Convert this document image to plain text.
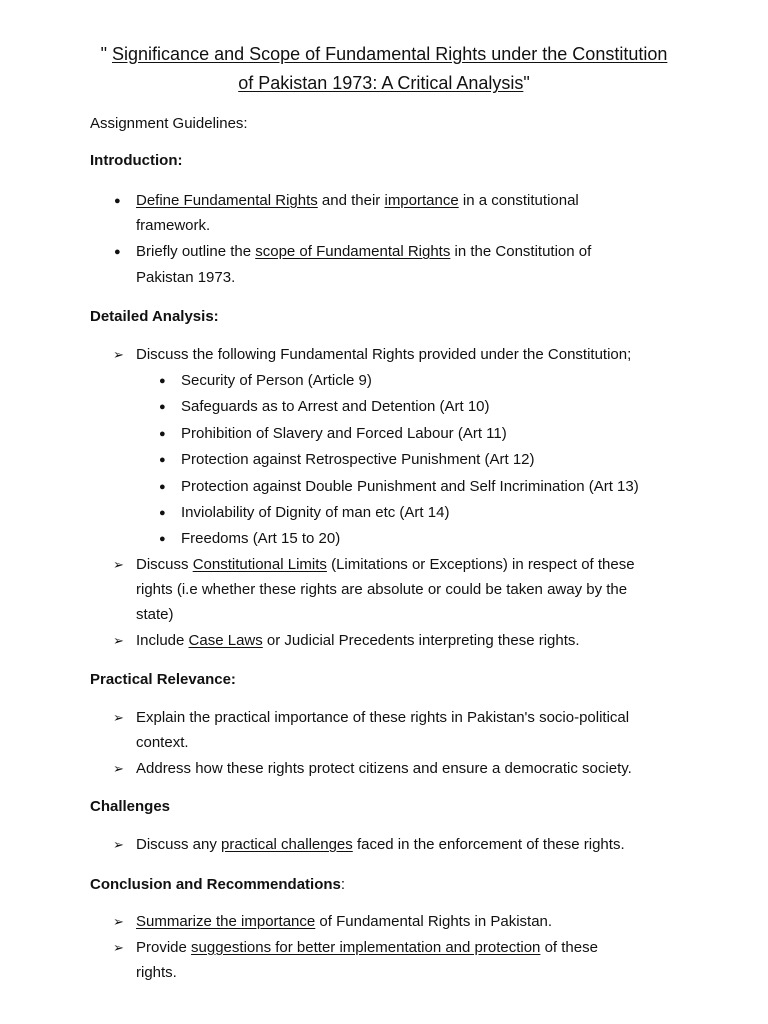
" Significance and Scope of Fundamental Rights under the Constitution
of Pakistan 1973: A Critical Analysis"
Assignment Guidelines:
Introduction:
● Define Fundamental Rights and their importance in a constitutional
framework.
● Briefly outline the scope of Fundamental Rights in the Constitution of
Pakistan 1973.
Detailed Analysis:
➢ Discuss the following Fundamental Rights provided under the Constitution;
● Security of Person (Article 9)
● Safeguards as to Arrest and Detention (Art 10)
● Prohibition of Slavery and Forced Labour (Art 11)
● Protection against Retrospective Punishment (Art 12)
● Protection against Double Punishment and Self Incrimination (Art 13)
● Inviolability of Dignity of man etc (Art 14)
● Freedoms (Art 15 to 20)
➢ Discuss Constitutional Limits (Limitations or Exceptions) in respect of these
rights (i.e whether these rights are absolute or could be taken away by the
state)
➢ Include Case Laws or Judicial Precedents interpreting these rights.
Practical Relevance:
➢ Explain the practical importance of these rights in Pakistan's socio-political
context.
➢ Address how these rights protect citizens and ensure a democratic society.
Challenges
➢ Discuss any practical challenges faced in the enforcement of these rights.
Conclusion and Recommendations:
➢ Summarize the importance of Fundamental Rights in Pakistan.
➢ Provide suggestions for better implementation and protection of these
rights.
